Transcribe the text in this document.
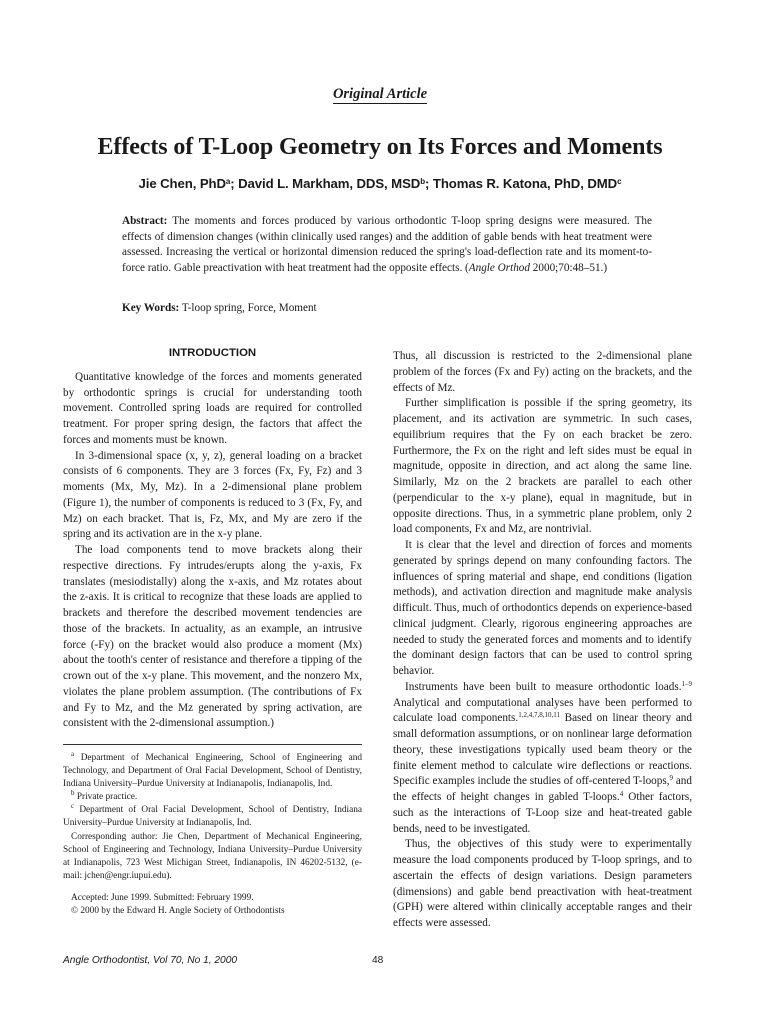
Original Article
Effects of T-Loop Geometry on Its Forces and Moments
Jie Chen, PhD$^a$; David L. Markham, DDS, MSD$^b$; Thomas R. Katona, PhD, DMD$^c$
Abstract: The moments and forces produced by various orthodontic T-loop spring designs were measured. The effects of dimension changes (within clinically used ranges) and the addition of gable bends with heat treatment were assessed. Increasing the vertical or horizontal dimension reduced the spring's load-deflection rate and its moment-to-force ratio. Gable preactivation with heat treatment had the opposite effects. (Angle Orthod 2000;70:48–51.)
Key Words: T-loop spring, Force, Moment
INTRODUCTION

Quantitative knowledge of the forces and moments generated by orthodontic springs is crucial for understanding tooth movement. Controlled spring loads are required for controlled treatment. For proper spring design, the factors that affect the forces and moments must be known.

In 3-dimensional space (x, y, z), general loading on a bracket consists of 6 components. They are 3 forces (Fx, Fy, Fz) and 3 moments (Mx, My, Mz). In a 2-dimensional plane problem (Figure 1), the number of components is reduced to 3 (Fx, Fy, and Mz) on each bracket. That is, Fz, Mx, and My are zero if the spring and its activation are in the x-y plane.

The load components tend to move brackets along their respective directions. Fy intrudes/erupts along the y-axis, Fx translates (mesiodistally) along the x-axis, and Mz rotates about the z-axis. It is critical to recognize that these loads are applied to brackets and therefore the described movement tendencies are those of the brackets. In actuality, as an example, an intrusive force (-Fy) on the bracket would also produce a moment (Mx) about the tooth's center of resistance and therefore a tipping of the crown out of the x-y plane. This movement, and the nonzero Mx, violates the plane problem assumption. (The contributions of Fx and Fy to Mz, and the Mz generated by spring activation, are consistent with the 2-dimensional assumption.)

$^a$ Department of Mechanical Engineering, School of Engineering and Technology, and Department of Oral Facial Development, School of Dentistry, Indiana University–Purdue University at Indianapolis, Indianapolis, Ind.

$^b$ Private practice.

$^c$ Department of Oral Facial Development, School of Dentistry, Indiana University–Purdue University at Indianapolis, Ind.

Corresponding author: Jie Chen, Department of Mechanical Engineering, School of Engineering and Technology, Indiana University–Purdue University at Indianapolis, 723 West Michigan Street, Indianapolis, IN 46202-5132, (e-mail: jchen@engr.iupui.edu).

Accepted: June 1999. Submitted: February 1999.

© 2000 by the Edward H. Angle Society of Orthodontists

Thus, all discussion is restricted to the 2-dimensional plane problem of the forces (Fx and Fy) acting on the brackets, and the effects of Mz.

Further simplification is possible if the spring geometry, its placement, and its activation are symmetric. In such cases, equilibrium requires that the Fy on each bracket be zero. Furthermore, the Fx on the right and left sides must be equal in magnitude, opposite in direction, and act along the same line. Similarly, Mz on the 2 brackets are parallel to each other (perpendicular to the x-y plane), equal in magnitude, but in opposite directions. Thus, in a symmetric plane problem, only 2 load components, Fx and Mz, are nontrivial.

It is clear that the level and direction of forces and moments generated by springs depend on many confounding factors. The influences of spring material and shape, end conditions (ligation methods), and activation direction and magnitude make analysis difficult. Thus, much of orthodontics depends on experience-based clinical judgment. Clearly, rigorous engineering approaches are needed to study the generated forces and moments and to identify the dominant design factors that can be used to control spring behavior.

Instruments have been built to measure orthodontic loads.$^{1-9}$ Analytical and computational analyses have been performed to calculate load components.$^{1,2,4,7,8,10,11}$ Based on linear theory and small deformation assumptions, or on nonlinear large deformation theory, these investigations typically used beam theory or the finite element method to calculate wire deflections or reactions. Specific examples include the studies of off-centered T-loops,$^9$ and the effects of height changes in gabled T-loops.$^4$ Other factors, such as the interactions of T-Loop size and heat-treated gable bends, need to be investigated.

Thus, the objectives of this study were to experimentally measure the load components produced by T-loop springs, and to ascertain the effects of design variations. Design parameters (dimensions) and gable bend preactivation with heat-treatment (GPH) were altered within clinically acceptable ranges and their effects were assessed.

Angle Orthodontist, Vol 70, No 1, 2000	48
